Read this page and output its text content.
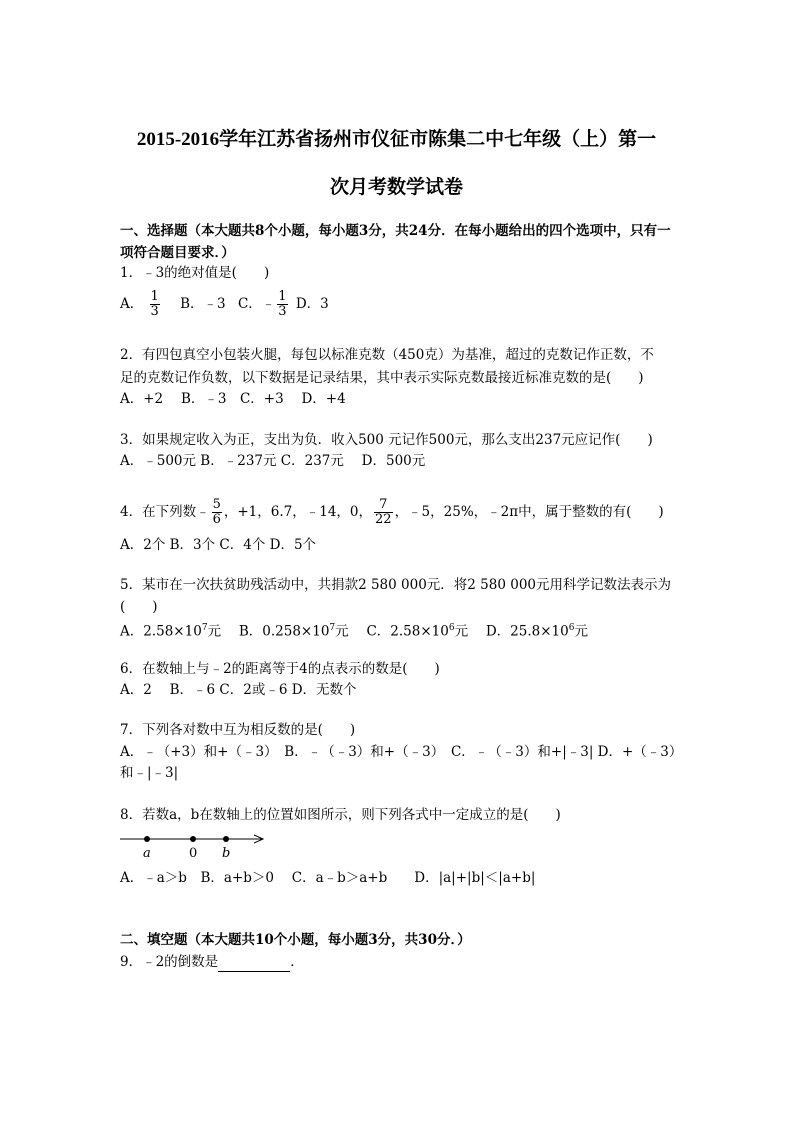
2015-2016学年江苏省扬州市仪征市陈集二中七年级（上）第一
次月考数学试卷
一、选择题（本大题共8个小题，每小题3分，共24分．在每小题给出的四个选项中，只有一项符合题目要求．）
1．﹣3的绝对值是(　　)
A． $\frac{1}{3}$ B．﹣3 C．﹣ $\frac{1}{3}$ D．3
2．有四包真空小包装火腿，每包以标准克数（450克）为基准，超过的克数记作正数，不
足的克数记作负数，以下数据是记录结果，其中表示实际克数最接近标准克数的是(　　)
A．+2　 B．﹣3　C．+3　 D．+4
3．如果规定收入为正，支出为负．收入500 元记作500元，那么支出237元应记作(　　)
A．﹣500元 B．﹣237元 C．237元　 D．500元
4．在下列数﹣ $\frac{5}{6}$ ，+1，6.7，﹣14，0， $\frac{7}{22}$ ，﹣5，25%，﹣2π中，属于整数的有(　　)
A．2个 B．3个 C．4个 D．5个
5．某市在一次扶贫助残活动中，共捐款2 580 000元．将2 580 000元用科学记数法表示为
(　　)
A．$2.58\times 10^7$元　 B．$0.258\times 10^7$元　 C．$2.58\times 10^6$元　 D．$25.8\times 10^6$元
6．在数轴上与﹣2的距离等于4的点表示的数是(　　)
A．2　 B．﹣6 C．2或﹣6 D．无数个
7．下列各对数中互为相反数的是(　　)
A．﹣（+3）和+（﹣3）　B．﹣（﹣3）和+（﹣3）　C．﹣（﹣3）和+|﹣3| D．+（﹣3）
和﹣|﹣3|
8．若数a，b在数轴上的位置如图所示，则下列各式中一定成立的是(　　)
a	0 b
A．﹣a＞b　B．a+b＞0　 C．a﹣b＞a+b　　D．|a|+|b|＜|a+b|
二、填空题（本大题共10个小题，每小题3分，共30分．）
9．﹣2的倒数是	．
